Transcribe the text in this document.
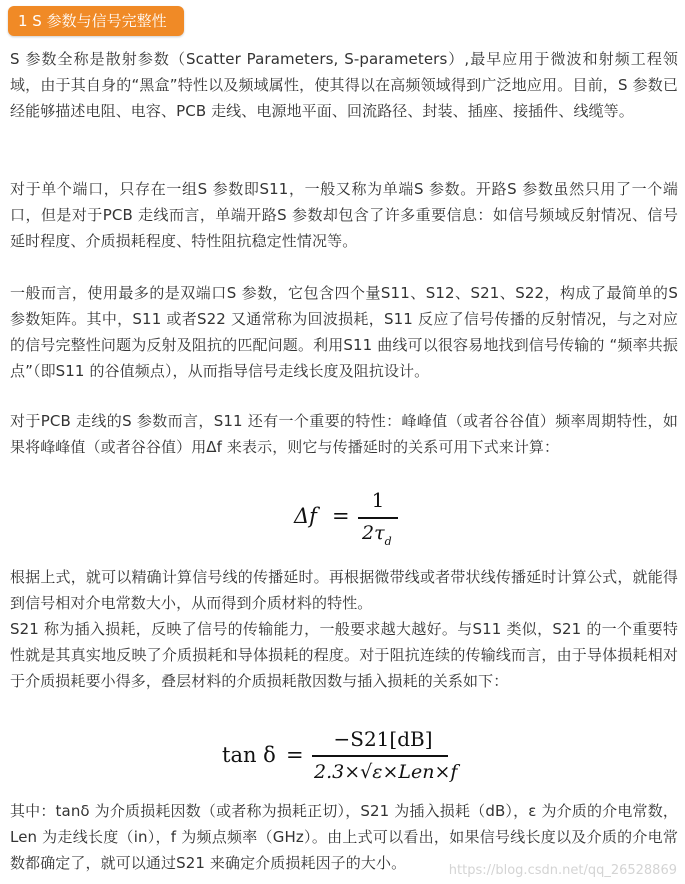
1 S 参数与信号完整性

S 参数全称是散射参数（Scatter Parameters, S-parameters）,最早应用于微波和射频工程领域，由于其自身的“黑盒”特性以及频域属性，使其得以在高频领域得到广泛地应用。目前，S 参数已经能够描述电阻、电容、PCB 走线、电源地平面、回流路径、封装、插座、接插件、线缆等。

对于单个端口，只存在一组S 参数即S11，一般又称为单端S 参数。开路S 参数虽然只用了一个端口，但是对于PCB 走线而言，单端开路S 参数却包含了许多重要信息：如信号频域反射情况、信号延时程度、介质损耗程度、特性阻抗稳定性情况等。

一般而言，使用最多的是双端口S 参数，它包含四个量S11、S12、S21、S22，构成了最简单的S 参数矩阵。其中，S11 或者S22 又通常称为回波损耗，S11 反应了信号传播的反射情况，与之对应的信号完整性问题为反射及阻抗的匹配问题。利用S11 曲线可以很容易地找到信号传输的 “频率共振点”（即S11 的谷值频点），从而指导信号走线长度及阻抗设计。

对于PCB 走线的S 参数而言，S11 还有一个重要的特性：峰峰值（或者谷谷值）频率周期特性，如果将峰峰值（或者谷谷值）用Δf 来表示，则它与传播延时的关系可用下式来计算：

Δf =
1
$2\tau_d$

根据上式，就可以精确计算信号线的传播延时。再根据微带线或者带状线传播延时计算公式，就能得到信号相对介电常数大小，从而得到介质材料的特性。

S21 称为插入损耗，反映了信号的传输能力，一般要求越大越好。与S11 类似，S21 的一个重要特性就是其真实地反映了介质损耗和导体损耗的程度。对于阻抗连续的传输线而言，由于导体损耗相对于介质损耗要小得多，叠层材料的介质损耗散因数与插入损耗的关系如下：

tan δ =
−S21[dB]
2.3×√ε×Len×f

其中：tanδ 为介质损耗因数（或者称为损耗正切），S21 为插入损耗（dB），ε 为介质的介电常数，Len 为走线长度（in），f 为频点频率（GHz）。由上式可以看出，如果信号线长度以及介质的介电常数都确定了，就可以通过S21 来确定介质损耗因子的大小。	https://blog.csdn.net/qq_26528869
